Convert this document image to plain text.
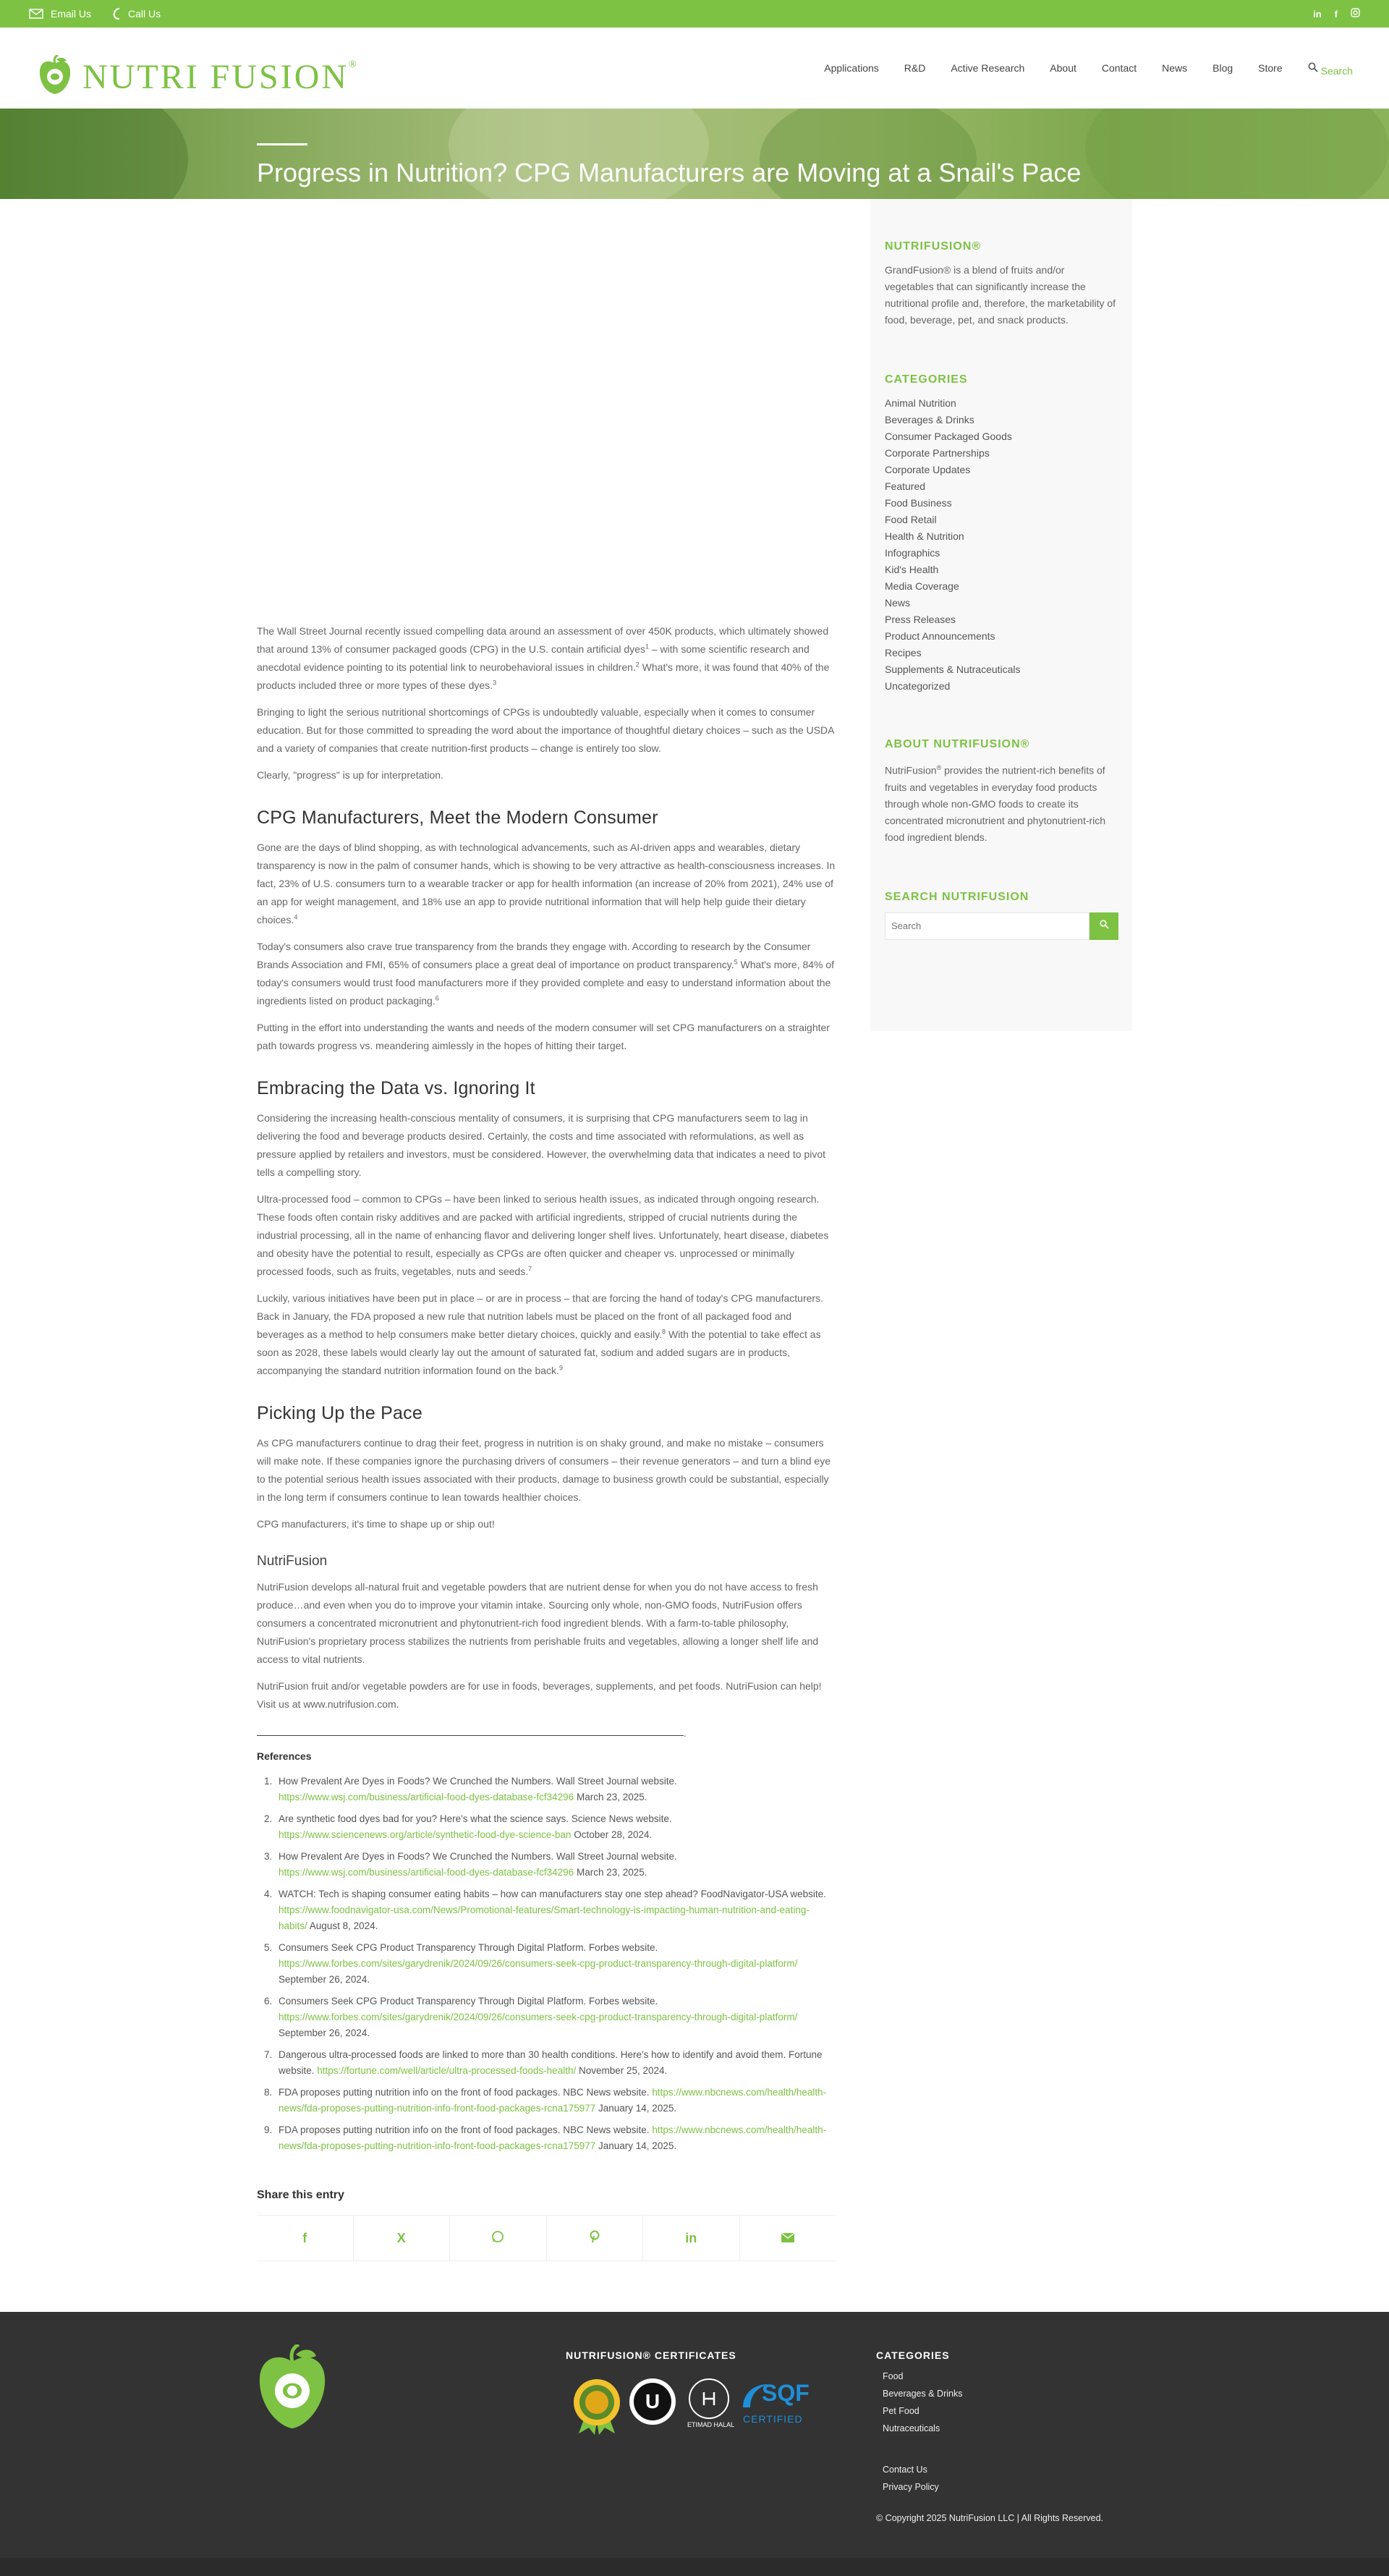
Email Us	Call Us	in f
NUTRI FUSION®	Applications	R&D	Active Research	About	Contact	News	Blog	Store	Search
Progress in Nutrition? CPG Manufacturers are Moving at a Snail's Pace

The Wall Street Journal recently issued compelling data around an assessment of over 450K products, which ultimately showed that around 13% of consumer packaged goods (CPG) in the U.S. contain artificial dyes$^1$ – with some scientific research and anecdotal evidence pointing to its potential link to neurobehavioral issues in children.$^2$ What's more, it was found that 40% of the products included three or more types of these dyes.$^3$

Bringing to light the serious nutritional shortcomings of CPGs is undoubtedly valuable, especially when it comes to consumer education. But for those committed to spreading the word about the importance of thoughtful dietary choices – such as the USDA and a variety of companies that create nutrition-first products – change is entirely too slow.

Clearly, "progress" is up for interpretation.

CPG Manufacturers, Meet the Modern Consumer

Gone are the days of blind shopping, as with technological advancements, such as AI-driven apps and wearables, dietary transparency is now in the palm of consumer hands, which is showing to be very attractive as health-consciousness increases. In fact, 23% of U.S. consumers turn to a wearable tracker or app for health information (an increase of 20% from 2021), 24% use of an app for weight management, and 18% use an app to provide nutritional information that will help help guide their dietary choices.$^4$

Today's consumers also crave true transparency from the brands they engage with. According to research by the Consumer Brands Association and FMI, 65% of consumers place a great deal of importance on product transparency.$^5$ What's more, 84% of today's consumers would trust food manufacturers more if they provided complete and easy to understand information about the ingredients listed on product packaging.$^6$

Putting in the effort into understanding the wants and needs of the modern consumer will set CPG manufacturers on a straighter path towards progress vs. meandering aimlessly in the hopes of hitting their target.

Embracing the Data vs. Ignoring It

Considering the increasing health-conscious mentality of consumers, it is surprising that CPG manufacturers seem to lag in delivering the food and beverage products desired. Certainly, the costs and time associated with reformulations, as well as pressure applied by retailers and investors, must be considered. However, the overwhelming data that indicates a need to pivot tells a compelling story.

Ultra-processed food – common to CPGs – have been linked to serious health issues, as indicated through ongoing research. These foods often contain risky additives and are packed with artificial ingredients, stripped of crucial nutrients during the industrial processing, all in the name of enhancing flavor and delivering longer shelf lives. Unfortunately, heart disease, diabetes and obesity have the potential to result, especially as CPGs are often quicker and cheaper vs. unprocessed or minimally processed foods, such as fruits, vegetables, nuts and seeds.$^7$

Luckily, various initiatives have been put in place – or are in process – that are forcing the hand of today's CPG manufacturers. Back in January, the FDA proposed a new rule that nutrition labels must be placed on the front of all packaged food and beverages as a method to help consumers make better dietary choices, quickly and easily.$^8$ With the potential to take effect as soon as 2028, these labels would clearly lay out the amount of saturated fat, sodium and added sugars are in products, accompanying the standard nutrition information found on the back.$^9$

Picking Up the Pace

As CPG manufacturers continue to drag their feet, progress in nutrition is on shaky ground, and make no mistake – consumers will make note. If these companies ignore the purchasing drivers of consumers – their revenue generators – and turn a blind eye to the potential serious health issues associated with their products, damage to business growth could be substantial, especially in the long term if consumers continue to lean towards healthier choices.

CPG manufacturers, it's time to shape up or ship out!

NutriFusion

NutriFusion develops all-natural fruit and vegetable powders that are nutrient dense for when you do not have access to fresh produce…and even when you do to improve your vitamin intake. Sourcing only whole, non-GMO foods, NutriFusion offers consumers a concentrated micronutrient and phytonutrient-rich food ingredient blends. With a farm-to-table philosophy, NutriFusion's proprietary process stabilizes the nutrients from perishable fruits and vegetables, allowing a longer shelf life and access to vital nutrients.

NutriFusion fruit and/or vegetable powders are for use in foods, beverages, supplements, and pet foods. NutriFusion can help! Visit us at www.nutrifusion.com.

.
References
1. How Prevalent Are Dyes in Foods? We Crunched the Numbers. Wall Street Journal website. https://www.wsj.com/business/artificial-food-dyes-database-fcf34296 March 23, 2025.
2. Are synthetic food dyes bad for you? Here's what the science says. Science News website. https://www.sciencenews.org/article/synthetic-food-dye-science-ban October 28, 2024.
3. How Prevalent Are Dyes in Foods? We Crunched the Numbers. Wall Street Journal website. https://www.wsj.com/business/artificial-food-dyes-database-fcf34296 March 23, 2025.
4. WATCH: Tech is shaping consumer eating habits – how can manufacturers stay one step ahead? FoodNavigator-USA website. https://www.foodnavigator-usa.com/News/Promotional-features/Smart-technology-is-impacting-human-nutrition-and-eating-habits/ August 8, 2024.
5. Consumers Seek CPG Product Transparency Through Digital Platform. Forbes website. https://www.forbes.com/sites/garydrenik/2024/09/26/consumers-seek-cpg-product-transparency-through-digital-platform/ September 26, 2024.
6. Consumers Seek CPG Product Transparency Through Digital Platform. Forbes website. https://www.forbes.com/sites/garydrenik/2024/09/26/consumers-seek-cpg-product-transparency-through-digital-platform/ September 26, 2024.
7. Dangerous ultra-processed foods are linked to more than 30 health conditions. Here's how to identify and avoid them. Fortune website. https://fortune.com/well/article/ultra-processed-foods-health/ November 25, 2024.
8. FDA proposes putting nutrition info on the front of food packages. NBC News website. https://www.nbcnews.com/health/health-news/fda-proposes-putting-nutrition-info-front-food-packages-rcna175977 January 14, 2025.
9. FDA proposes putting nutrition info on the front of food packages. NBC News website. https://www.nbcnews.com/health/health-news/fda-proposes-putting-nutrition-info-front-food-packages-rcna175977 January 14, 2025.
Share this entry
f	X	in
NUTRIFUSION®
GrandFusion® is a blend of fruits and/or vegetables that can significantly increase the nutritional profile and, therefore, the marketability of food, beverage, pet, and snack products.
CATEGORIES
Animal Nutrition
Beverages & Drinks
Consumer Packaged Goods
Corporate Partnerships
Corporate Updates
Featured
Food Business
Food Retail
Health & Nutrition
Infographics
Kid's Health
Media Coverage
News
Press Releases
Product Announcements
Recipes
Supplements & Nutraceuticals
Uncategorized
ABOUT NUTRIFUSION®
NutriFusion® provides the nutrient-rich benefits of fruits and vegetables in everyday food products through whole non-GMO foods to create its concentrated micronutrient and phytonutrient-rich food ingredient blends.
SEARCH NUTRIFUSION
Search
NUTRIFUSION® CERTIFICATES
U
ETIMAD HALAL
SQF
CERTIFIED
CATEGORIES
Food
Beverages & Drinks
Pet Food
Nutraceuticals
Contact Us
Privacy Policy
© Copyright 2025 NutriFusion LLC | All Rights Reserved.
